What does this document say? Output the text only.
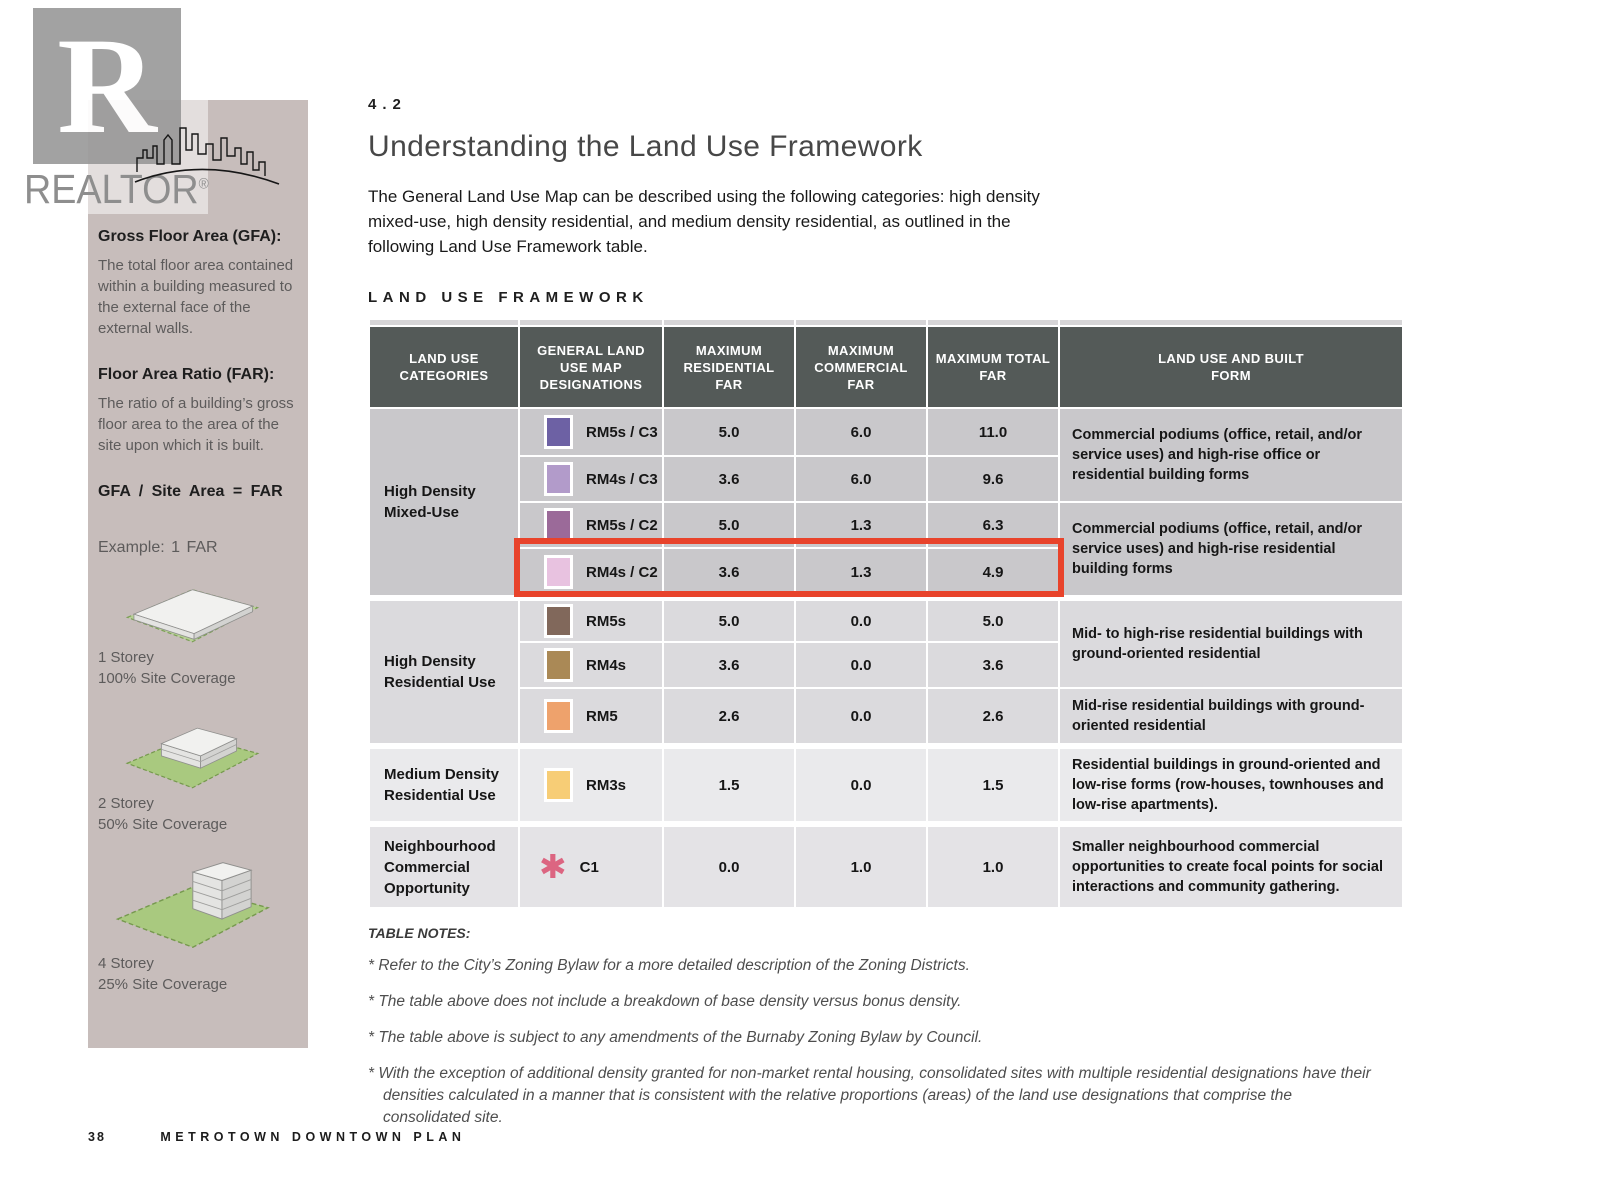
Gross Floor Area (GFA):

The total floor area contained within a building measured to the external face of the external walls.

Floor Area Ratio (FAR):

The ratio of a building’s gross floor area to the area of the site upon which it is built.

GFA / Site Area = FAR
Example: 1 FAR
1 Storey
100% Site Coverage
2 Storey
50% Site Coverage
4 Storey
25% Site Coverage
R
REALTOR®
4.2
Understanding the Land Use Framework

The General Land Use Map can be described using the following categories: high density mixed-use, high density residential, and medium density residential, as outlined in the following Land Use Framework table.

LAND USE FRAMEWORK

LAND USE CATEGORIES	GENERAL LAND USE MAP DESIGNATIONS	MAXIMUM RESIDENTIAL FAR	MAXIMUM COMMERCIAL FAR	MAXIMUM TOTAL FAR	LAND USE AND BUILT FORM

High Density Mixed-Use	RM5s / C3	5.0	6.0	11.0	Commercial podiums (office, retail, and/or service uses) and high-rise office or residential building forms

	RM4s / C3	3.6	6.0	9.6	

	RM5s / C2	5.0	1.3	6.3	Commercial podiums (office, retail, and/or service uses) and high-rise residential building forms

	RM4s / C2	3.6	1.3	4.9	
High Density Residential Use	RM5s	5.0	0.0	5.0	Mid- to high-rise residential buildings with ground-oriented residential

	RM4s	3.6	0.0	3.6	

	RM5	2.6	0.0	2.6	Mid-rise residential buildings with ground-oriented residential
Medium Density Residential Use	RM3s	1.5	0.0	1.5	Residential buildings in ground-oriented and low-rise forms (row-houses, townhouses and low-rise apartments).
Neighbourhood Commercial Opportunity	✱ C1	0.0	1.0	1.0	Smaller neighbourhood commercial opportunities to create focal points for social interactions and community gathering.
TABLE NOTES:

* Refer to the City’s Zoning Bylaw for a more detailed description of the Zoning Districts.

* The table above does not include a breakdown of base density versus bonus density.

* The table above is subject to any amendments of the Burnaby Zoning Bylaw by Council.

* With the exception of additional density granted for non-market rental housing, consolidated sites with multiple residential designations have their densities calculated in a manner that is consistent with the relative proportions (areas) of the land use designations that comprise the consolidated site.

38	METROTOWN DOWNTOWN PLAN
